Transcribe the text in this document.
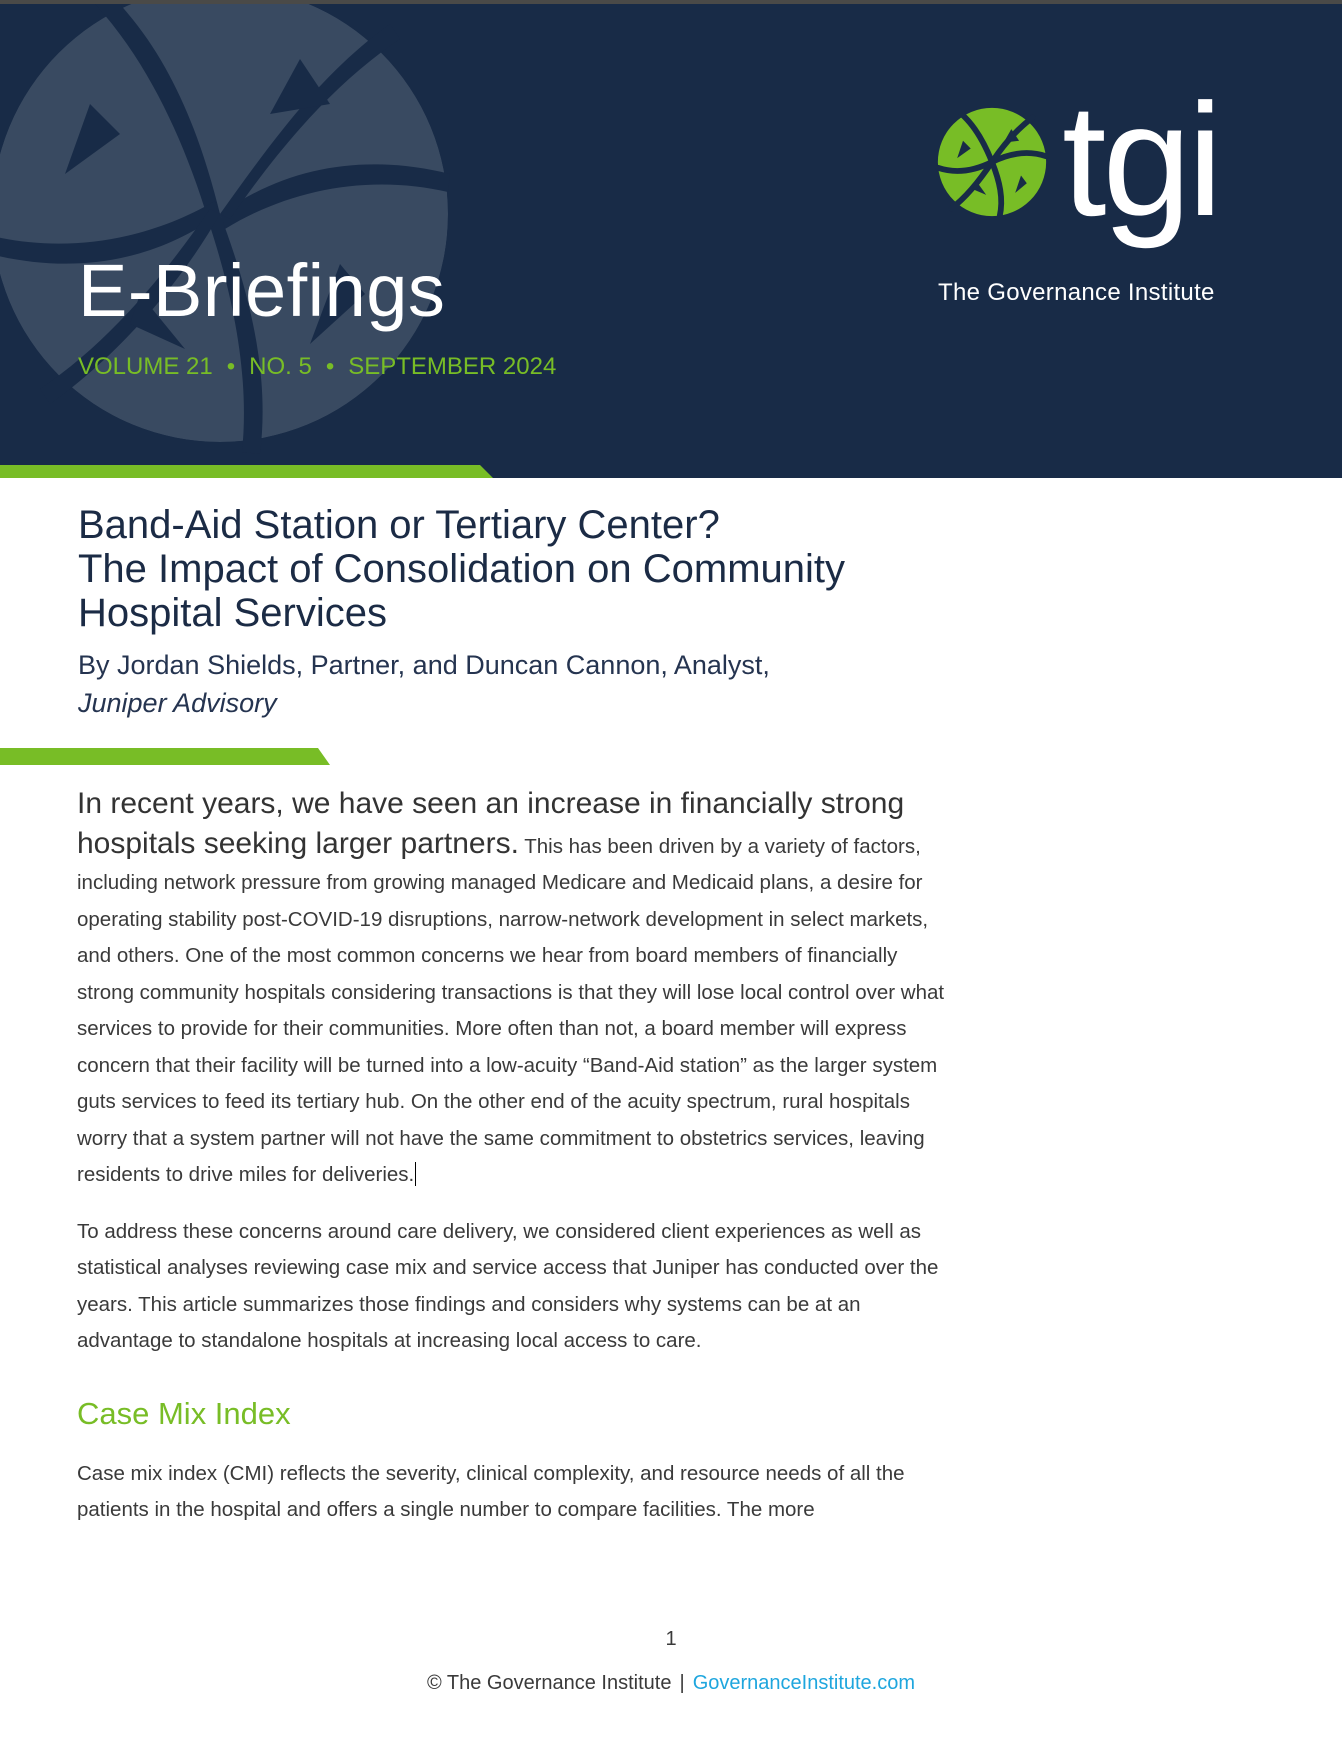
E-Briefings
VOLUME 21 • NO. 5 • SEPTEMBER 2024
tgi
The Governance Institute
Band-Aid Station or Tertiary Center?
The Impact of Consolidation on Community
Hospital Services
By Jordan Shields, Partner, and Duncan Cannon, Analyst,
Juniper Advisory

In recent years, we have seen an increase in financially strong hospitals seeking larger partners. This has been driven by a variety of factors, including network pressure from growing managed Medicare and Medicaid plans, a desire for operating stability post-COVID-19 disruptions, narrow-network development in select markets, and others. One of the most common concerns we hear from board members of financially strong community hospitals considering transactions is that they will lose local control over what services to provide for their communities. More often than not, a board member will express concern that their facility will be turned into a low-acuity “Band-Aid station” as the larger system guts services to feed its tertiary hub. On the other end of the acuity spectrum, rural hospitals worry that a system partner will not have the same commitment to obstetrics services, leaving residents to drive miles for deliveries.

To address these concerns around care delivery, we considered client experiences as well as statistical analyses reviewing case mix and service access that Juniper has conducted over the years. This article summarizes those findings and considers why systems can be at an advantage to standalone hospitals at increasing local access to care.

Case Mix Index

Case mix index (CMI) reflects the severity, clinical complexity, and resource needs of all the patients in the hospital and offers a single number to compare facilities. The more

1
© The Governance Institute | GovernanceInstitute.com
